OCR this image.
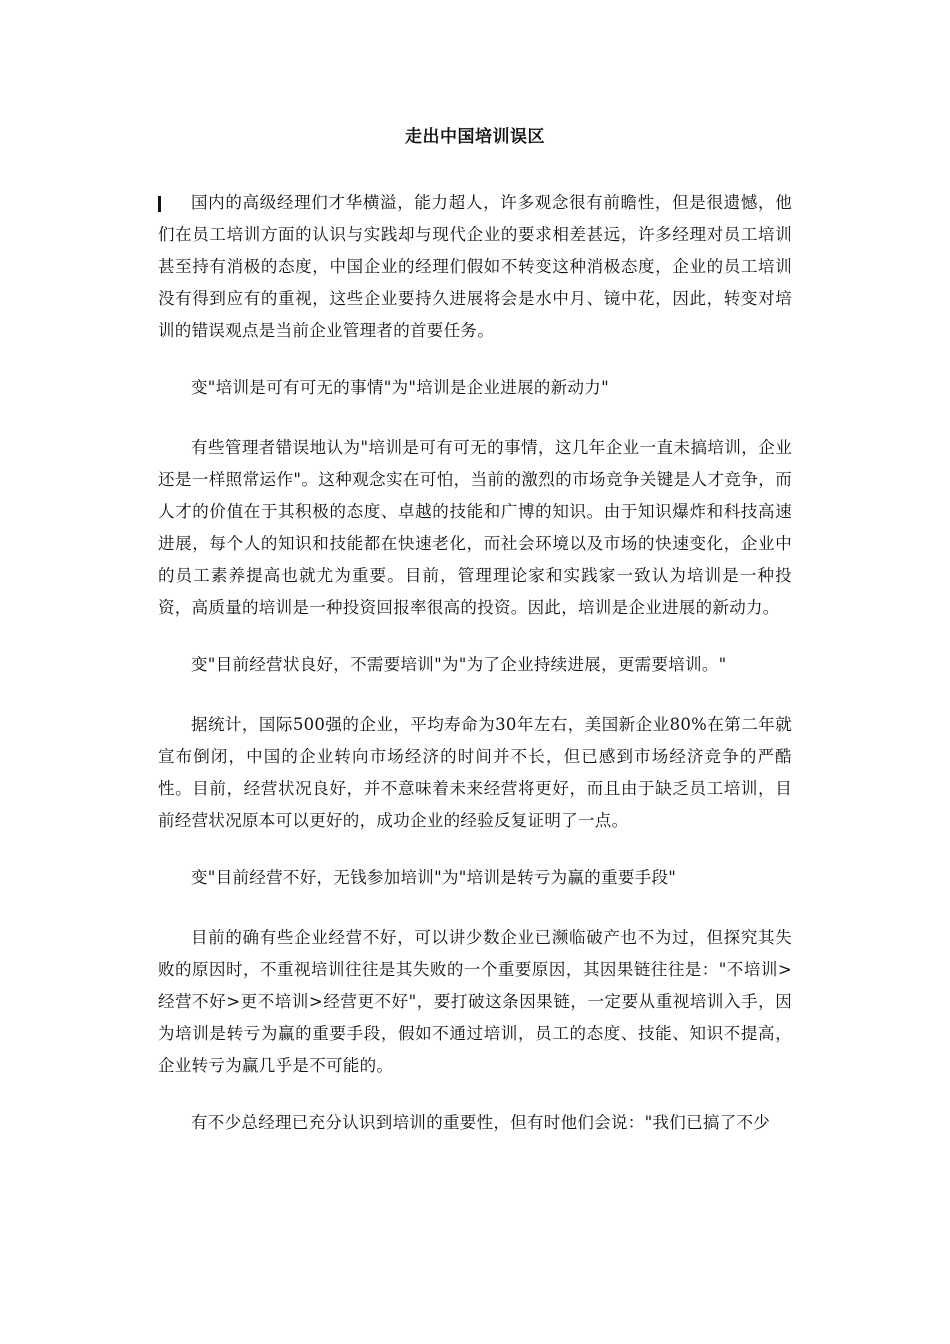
走出中国培训误区

国内的高级经理们才华横溢，能力超人，许多观念很有前瞻性，但是很遗憾，他们在员工培训方面的认识与实践却与现代企业的要求相差甚远，许多经理对员工培训甚至持有消极的态度，中国企业的经理们假如不转变这种消极态度，企业的员工培训没有得到应有的重视，这些企业要持久进展将会是水中月、镜中花，因此，转变对培训的错误观点是当前企业管理者的首要任务。

变"培训是可有可无的事情"为"培训是企业进展的新动力"

有些管理者错误地认为"培训是可有可无的事情，这几年企业一直未搞培训，企业还是一样照常运作"。这种观念实在可怕，当前的激烈的市场竞争关键是人才竞争，而人才的价值在于其积极的态度、卓越的技能和广博的知识。由于知识爆炸和科技高速进展，每个人的知识和技能都在快速老化，而社会环境以及市场的快速变化，企业中的员工素养提高也就尤为重要。目前，管理理论家和实践家一致认为培训是一种投资，高质量的培训是一种投资回报率很高的投资。因此，培训是企业进展的新动力。

变"目前经营状良好，不需要培训"为"为了企业持续进展，更需要培训。"

据统计，国际500强的企业，平均寿命为30年左右，美国新企业80%在第二年就宣布倒闭，中国的企业转向市场经济的时间并不长，但已感到市场经济竞争的严酷性。目前，经营状况良好，并不意味着未来经营将更好，而且由于缺乏员工培训，目前经营状况原本可以更好的，成功企业的经验反复证明了一点。

变"目前经营不好，无钱参加培训"为"培训是转亏为赢的重要手段"

目前的确有些企业经营不好，可以讲少数企业已濒临破产也不为过，但探究其失败的原因时，不重视培训往往是其失败的一个重要原因，其因果链往往是："不培训>经营不好>更不培训>经营更不好"，要打破这条因果链，一定要从重视培训入手，因为培训是转亏为赢的重要手段，假如不通过培训，员工的态度、技能、知识不提高，企业转亏为赢几乎是不可能的。

有不少总经理已充分认识到培训的重要性，但有时他们会说："我们已搞了不少
